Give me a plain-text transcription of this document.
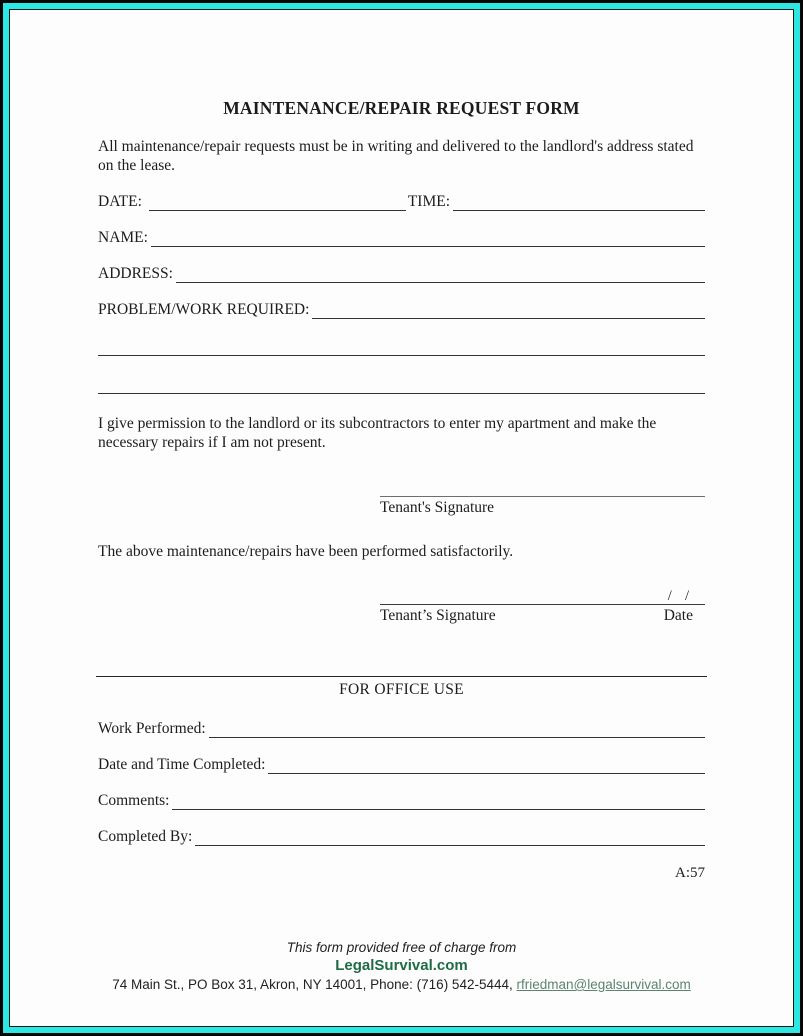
MAINTENANCE/REPAIR REQUEST FORM
All maintenance/repair requests must be in writing and delivered to the landlord's address stated on the lease.
DATE:	TIME:
NAME:
ADDRESS:
PROBLEM/WORK REQUIRED:
I give permission to the landlord or its subcontractors to enter my apartment and make the necessary repairs if I am not present.
Tenant's Signature
The above maintenance/repairs have been performed satisfactorily.
/  /
Tenant’s Signature	Date
FOR OFFICE USE
Work Performed:
Date and Time Completed:
Comments:
Completed By:
A:57
This form provided free of charge from
LegalSurvival.com
74 Main St., PO Box 31, Akron, NY 14001, Phone: (716) 542-5444, rfriedman@legalsurvival.com
